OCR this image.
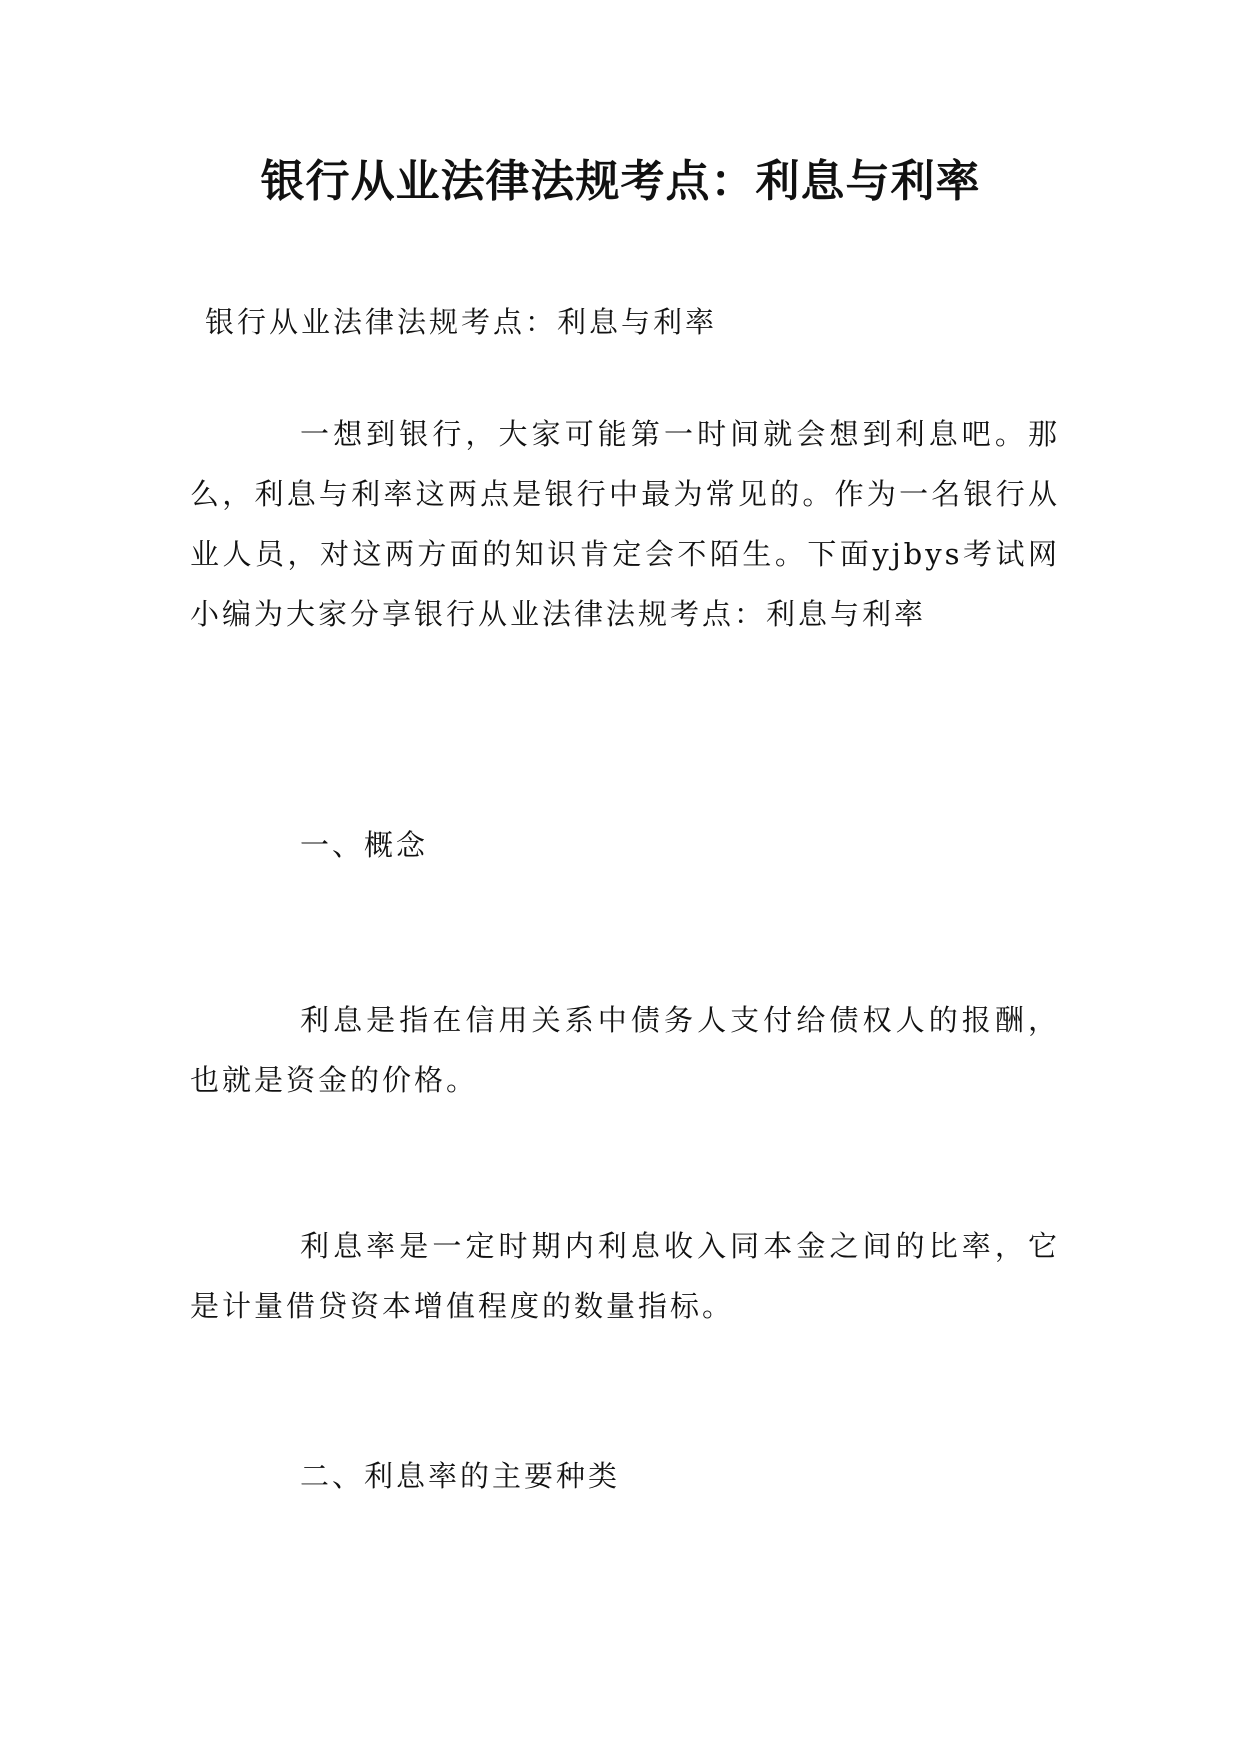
银行从业法律法规考点：利息与利率
银行从业法律法规考点：利息与利率
一想到银行，大家可能第一时间就会想到利息吧。那么，利息与利率这两点是银行中最为常见的。作为一名银行从业人员，对这两方面的知识肯定会不陌生。下面yjbys考试网小编为大家分享银行从业法律法规考点：利息与利率
一、概念
利息是指在信用关系中债务人支付给债权人的报酬，也就是资金的价格。
利息率是一定时期内利息收入同本金之间的比率，它是计量借贷资本增值程度的数量指标。
二、利息率的主要种类
